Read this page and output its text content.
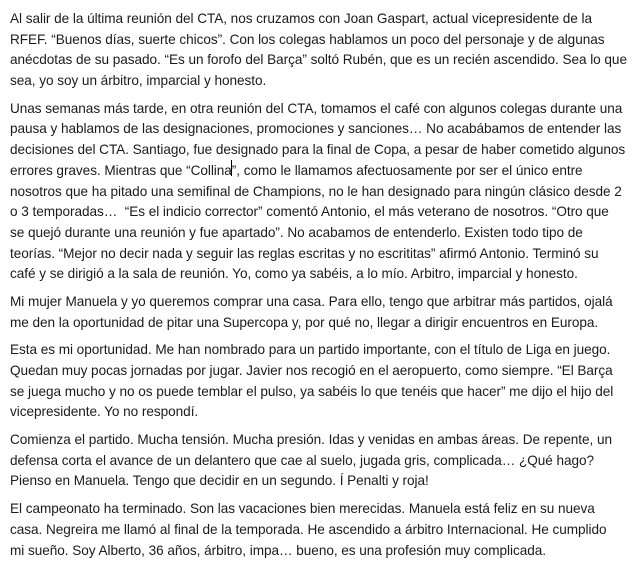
Al salir de la última reunión del CTA, nos cruzamos con Joan Gaspart, actual vicepresidente de la
RFEF. “Buenos días, suerte chicos”. Con los colegas hablamos un poco del personaje y de algunas
anécdotas de su pasado. “Es un forofo del Barça” soltó Rubén, que es un recién ascendido. Sea lo que
sea, yo soy un árbitro, imparcial y honesto.
Unas semanas más tarde, en otra reunión del CTA, tomamos el café con algunos colegas durante una
pausa y hablamos de las designaciones, promociones y sanciones… No acabábamos de entender las
decisiones del CTA. Santiago, fue designado para la final de Copa, a pesar de haber cometido algunos
errores graves. Mientras que “Collina”, como le llamamos afectuosamente por ser el único entre
nosotros que ha pitado una semifinal de Champions, no le han designado para ningún clásico desde 2
o 3 temporadas…  “Es el indicio corrector” comentó Antonio, el más veterano de nosotros. “Otro que
se quejó durante una reunión y fue apartado”. No acabamos de entenderlo. Existen todo tipo de
teorías. “Mejor no decir nada y seguir las reglas escritas y no escrititas” afirmó Antonio. Terminó su
café y se dirigió a la sala de reunión. Yo, como ya sabéis, a lo mío. Arbitro, imparcial y honesto.
Mi mujer Manuela y yo queremos comprar una casa. Para ello, tengo que arbitrar más partidos, ojalá
me den la oportunidad de pitar una Supercopa y, por qué no, llegar a dirigir encuentros en Europa.
Esta es mi oportunidad. Me han nombrado para un partido importante, con el título de Liga en juego.
Quedan muy pocas jornadas por jugar. Javier nos recogió en el aeropuerto, como siempre. “El Barça
se juega mucho y no os puede temblar el pulso, ya sabéis lo que tenéis que hacer” me dijo el hijo del
vicepresidente. Yo no respondí.
Comienza el partido. Mucha tensión. Mucha presión. Idas y venidas en ambas áreas. De repente, un
defensa corta el avance de un delantero que cae al suelo, jugada gris, complicada… ¿Qué hago?
Pienso en Manuela. Tengo que decidir en un segundo. Í Penalti y roja!
El campeonato ha terminado. Son las vacaciones bien merecidas. Manuela está feliz en su nueva
casa. Negreira me llamó al final de la temporada. He ascendido a árbitro Internacional. He cumplido
mi sueño. Soy Alberto, 36 años, árbitro, impa… bueno, es una profesión muy complicada.
